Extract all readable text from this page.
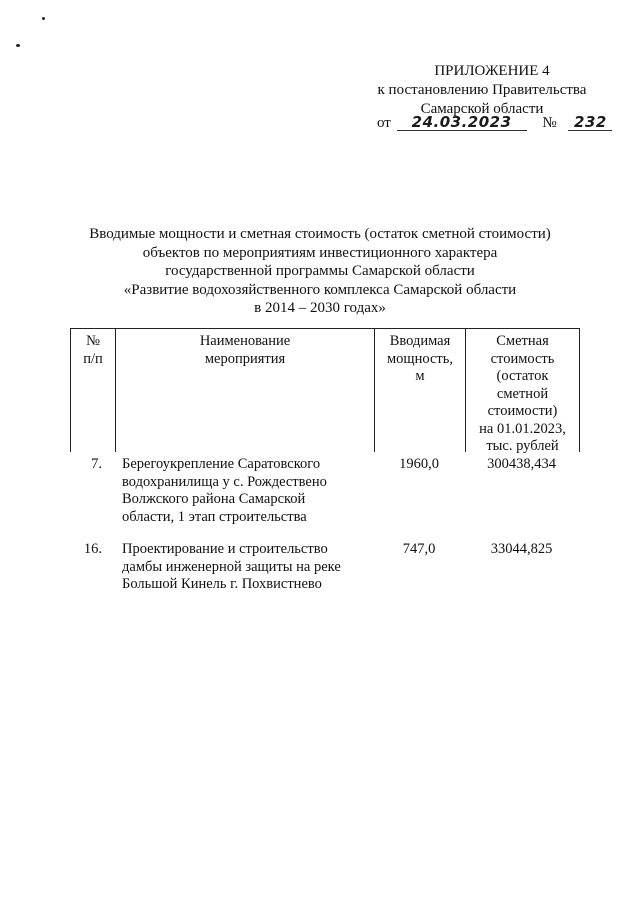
ПРИЛОЖЕНИЕ 4
к постановлению Правительства
Самарской области
от 24.03.2023 № 232
Вводимые мощности и сметная стоимость (остаток сметной стоимости)
объектов по мероприятиям инвестиционного характера
государственной программы Самарской области
«Развитие водохозяйственного комплекса Самарской области
в 2014 – 2030 годах»
№
п/п
Наименование
мероприятия
Вводимая
мощность,
м
Сметная
стоимость
(остаток
сметной
стоимости)
на 01.01.2023,
тыс. рублей
7. Берегоукрепление Саратовского
водохранилища у с. Рождествено
Волжского района Самарской
области, 1 этап строительства
1960,0	300438,434
16. Проектирование и строительство
дамбы инженерной защиты на реке
Большой Кинель г. Похвистнево
747,0	33044,825
